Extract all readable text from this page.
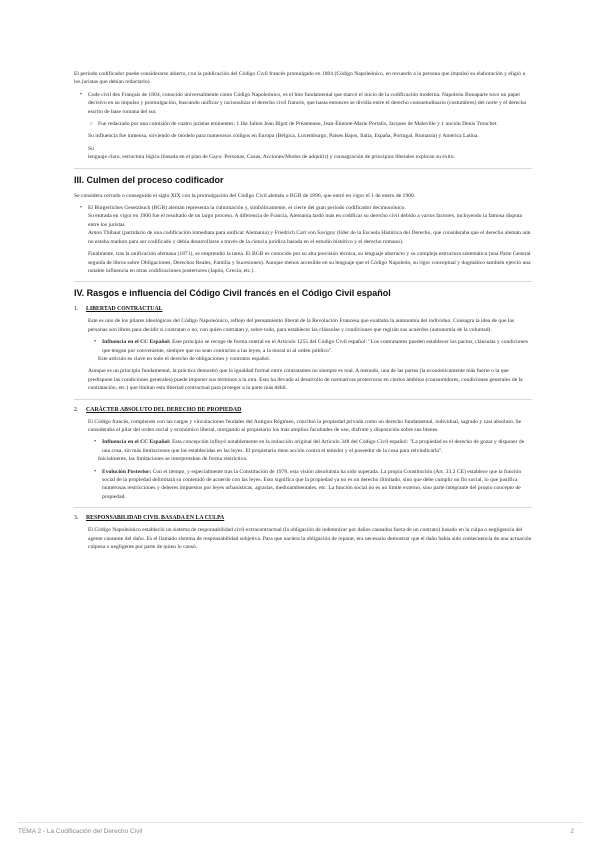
El periodo codificador puede considerarse abierto, con la publicación del Código Civil francés promulgado en 1804 (Código Napoleónico, en recuerdo a la persona que impulsó su elaboración y eligió a los juristas que debían redactarlo).

• Code civil des Français de 1804, conocido universalmente como Código Napoleónico, es el hito fundamental que marcó el inicio de la codificación moderna. Napoleón Bonaparte tuvo un papel decisivo en su impulso y promulgación, buscando unificar y racionalizar el derecho civil francés, que hasta entonces se dividía entre el derecho consuetudinario (costumbres) del norte y el derecho escrito de base romana del sur.

○ Fue redactado por una comisión de cuatro juristas eminentes: 1.Iñe Julien Jean Bigot de Préameneu, Jean-Étienne-Marie Portalis, Jacques de Maleville y 1 unción Denis Tronchet.

Su influencia fue inmensa, sirviendo de modelo para numerosos códigos en Europa (Bélgica, Luxemburgo, Países Bajos, Italia, España, Portugal, Rumanía) y América Latina.

Su

lenguaje claro, estructura lógica (basada en el plan de Gayo: Personas, Cosas, Acciones/Modos de adquirir) y consagración de principios liberales explican su éxito.

III. Culmen del proceso codificador

Se considera cerrado o conseguido el siglo XIX con la promulgación del Código Civil alemán o BGB de 1896, que entró en vigor el 1 de enero de 1900.

• El Bürgerliches Gesetzbuch (BGB) alemán representa la culminación y, simbólicamente, el cierre del gran periodo codificador decimonónico.

Su entrada en vigor en 1900 fue el resultado de un largo proceso. A diferencia de Francia, Alemania tardó más en codificar su derecho civil debido a varios factores, incluyendo la famosa disputa entre los juristas

Anton Thibaut (partidario de una codificación inmediata para unificar Alemania) y Friedrich Carl von Savigny (líder de la Escuela Histórica del Derecho, que consideraba que el derecho alemán aún no estaba maduro para ser codificado y debía desarrollarse a través de la ciencia jurídica basada en el estudio histórico y el derecho romano).

Finalmente, tras la unificación alemana (1871), se emprendió la tarea. El BGB es conocido por su alta precisión técnica, su lenguaje abstracto y su compleja estructura sistemática (una Parte General seguida de libros sobre Obligaciones, Derechos Reales, Familia y Sucesiones). Aunque menos accesible en su lenguaje que el Código Napoleón, su rigor conceptual y dogmático también ejerció una notable influencia en otras codificaciones posteriores (Japón, Grecia, etc.).

IV. Rasgos e influencia del Código Civil francés en el Código Civil español
1. LIBERTAD CONTRACTUAL

Este es uno de los pilares ideológicos del Código Napoleónico, reflejo del pensamiento liberal de la Revolución Francesa que exaltaba la autonomía del individuo. Consagra la idea de que las personas son libres para decidir si contratan o no, con quién contratan y, sobre todo, para establecer las cláusulas y condiciones que regirán sus acuerdos (autonomía de la voluntad).

• Influencia en el CC Español: Este principio se recoge de forma central en el Artículo 1255 del Código Civil español: "Los contratantes pueden establecer los pactos, cláusulas y condiciones que tengan por conveniente, siempre que no sean contrarios a las leyes, a la moral ni al orden público".

Este artículo es clave en todo el derecho de obligaciones y contratos español.

Aunque es un principio fundamental, la práctica demostró que la igualdad formal entre contratantes no siempre es real. A menudo, una de las partes (la económicamente más fuerte o la que predispone las condiciones generales) puede imponer sus términos a la otra. Esto ha llevado al desarrollo de normativas protectoras en ciertos ámbitos (consumidores, condiciones generales de la contratación, etc.) que limitan esta libertad contractual para proteger a la parte más débil.

2. CARÁCTER ABSOLUTO DEL DERECHO DE PROPIEDAD

El Código francés, rompiendo con las cargas y vinculaciones feudales del Antiguo Régimen, concibió la propiedad privada como un derecho fundamental, individual, sagrado y casi absoluto. Se consideraba el pilar del orden social y económico liberal, otorgando al propietario los más amplios facultades de uso, disfrute y disposición sobre sus bienes.

• Influencia en el CC Español: Esta concepción influyó notablemente en la redacción original del Artículo 348 del Código Civil español: "La propiedad es el derecho de gozar y disponer de una cosa, sin más limitaciones que las establecidas en las leyes. El propietario tiene acción contra el tenedor y el poseedor de la cosa para reivindicarla".

Inicialmente, las limitaciones se interpretaban de forma restrictiva.

• Evolución Posterior: Con el tiempo, y especialmente tras la Constitución de 1978, esta visión absolutista ha sido superada. La propia Constitución (Art. 33.2 CE) establece que la función social de la propiedad delimitará su contenido de acuerdo con las leyes. Esto significa que la propiedad ya no es un derecho ilimitado, sino que debe cumplir un fin social, lo que justifica numerosas restricciones y deberes impuestos por leyes urbanísticas, agrarias, medioambientales, etc. La función social no es un límite externo, sino parte integrante del propio concepto de propiedad.

3. RESPONSABILIDAD CIVIL BASADA EN LA CULPA

El Código Napoleónico estableció un sistema de responsabilidad civil extracontractual (la obligación de indemnizar por daños causados fuera de un contrato) basado en la culpa o negligencia del agente causante del daño. Es el llamado sistema de responsabilidad subjetiva. Para que naciera la obligación de reparar, era necesario demostrar que el daño había sido consecuencia de una actuación culposa o negligente por parte de quien lo causó.

TEMA 2 - La Codificación del Derecho Civil	2
